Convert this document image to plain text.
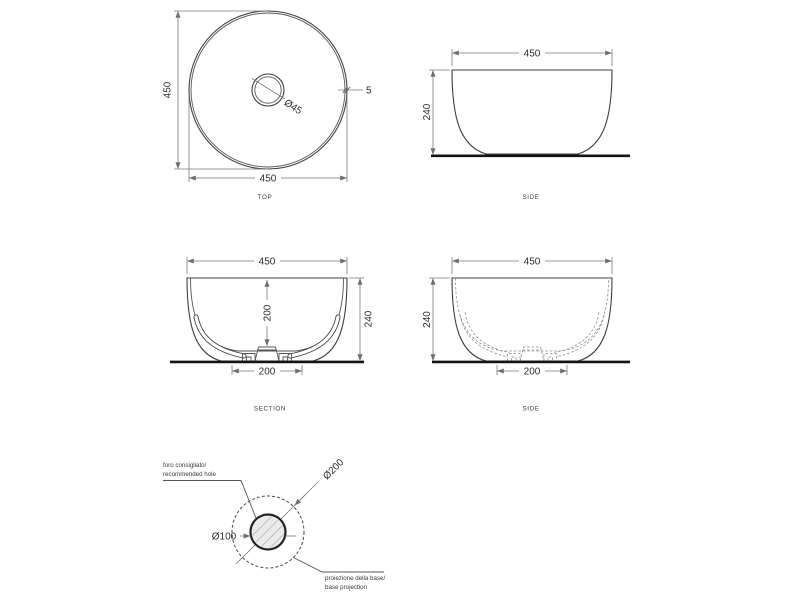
450
450
Ø45
5
TOP
450
240
SIDE
450
200	240
200
SECTION
450
240
200
SIDE
Ø200
Ø100
foro consigliato/
recommended hole
proiezione della base/
base projection
